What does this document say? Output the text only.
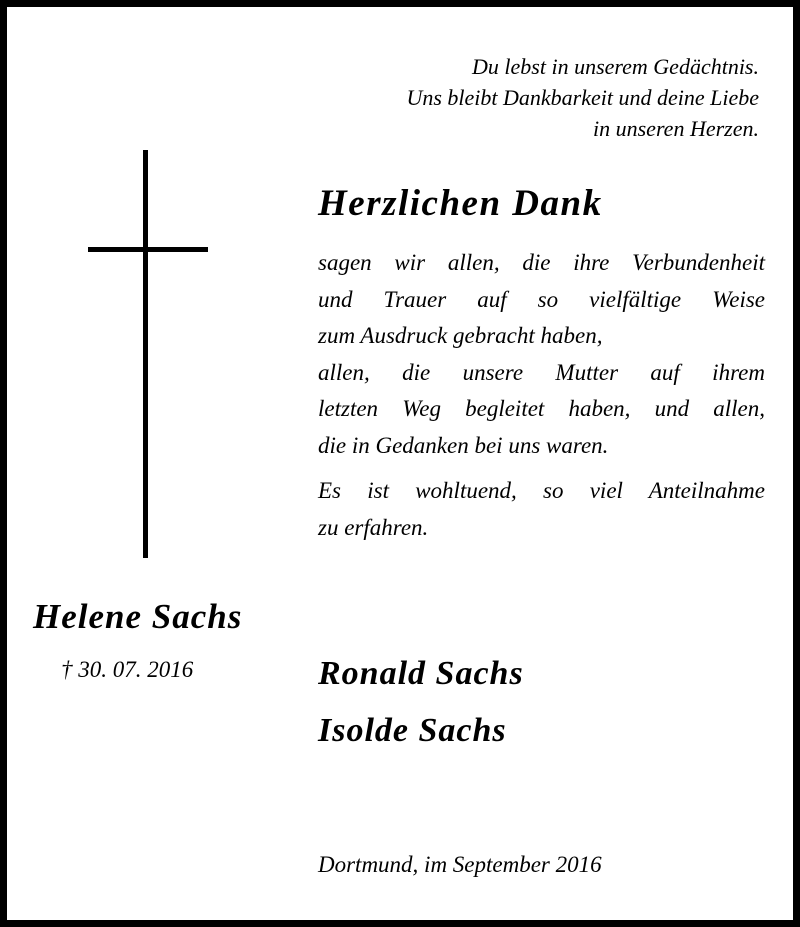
Du lebst in unserem Gedächtnis.
Uns bleibt Dankbarkeit und deine Liebe
in unseren Herzen.
Herzlichen Dank

sagen wir allen, die ihre Verbundenheit
und Trauer auf so vielfältige Weise
zum Ausdruck gebracht haben,
allen, die unsere Mutter auf ihrem
letzten Weg begleitet haben, und allen,
die in Gedanken bei uns waren.

Es ist wohltuend, so viel Anteilnahme
zu erfahren.

Helene Sachs
† 30. 07. 2016	Ronald Sachs
Isolde Sachs
Dortmund, im September 2016
